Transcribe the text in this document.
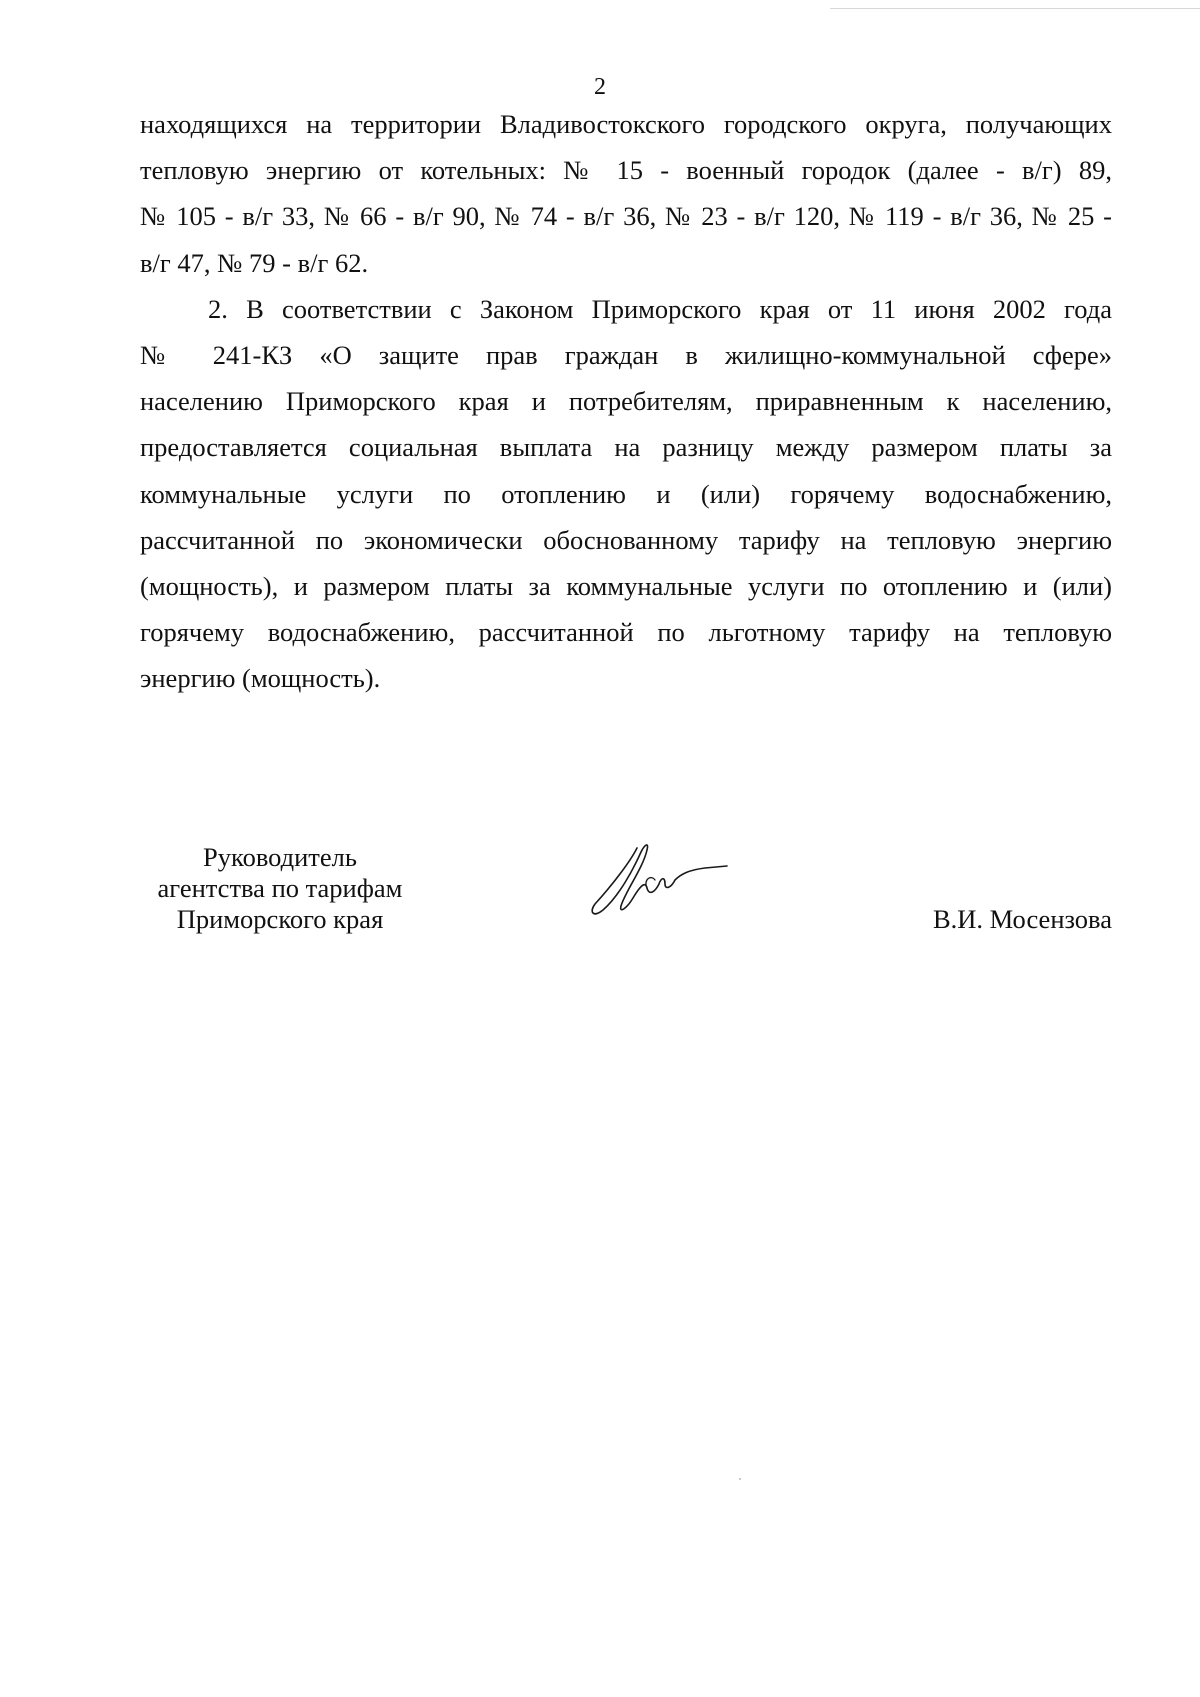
2

находящихся на территории Владивостокского городского округа, получающих
тепловую энергию от котельных: № 15 - военный городок (далее - в/г) 89,
№ 105 - в/г 33, № 66 - в/г 90, № 74 - в/г 36, № 23 - в/г 120, № 119 - в/г 36, № 25 -
в/г 47, № 79 - в/г 62.

2. В соответствии с Законом Приморского края от 11 июня 2002 года
№ 241-КЗ «О защите прав граждан в жилищно-коммунальной сфере»
населению Приморского края и потребителям, приравненным к населению,
предоставляется социальная выплата на разницу между размером платы за
коммунальные услуги по отоплению и (или) горячему водоснабжению,
рассчитанной по экономически обоснованному тарифу на тепловую энергию
(мощность), и размером платы за коммунальные услуги по отоплению и (или)
горячему водоснабжению, рассчитанной по льготному тарифу на тепловую
энергию (мощность).

Руководитель
агентства по тарифам
Приморского края	В.И. Мосензова
